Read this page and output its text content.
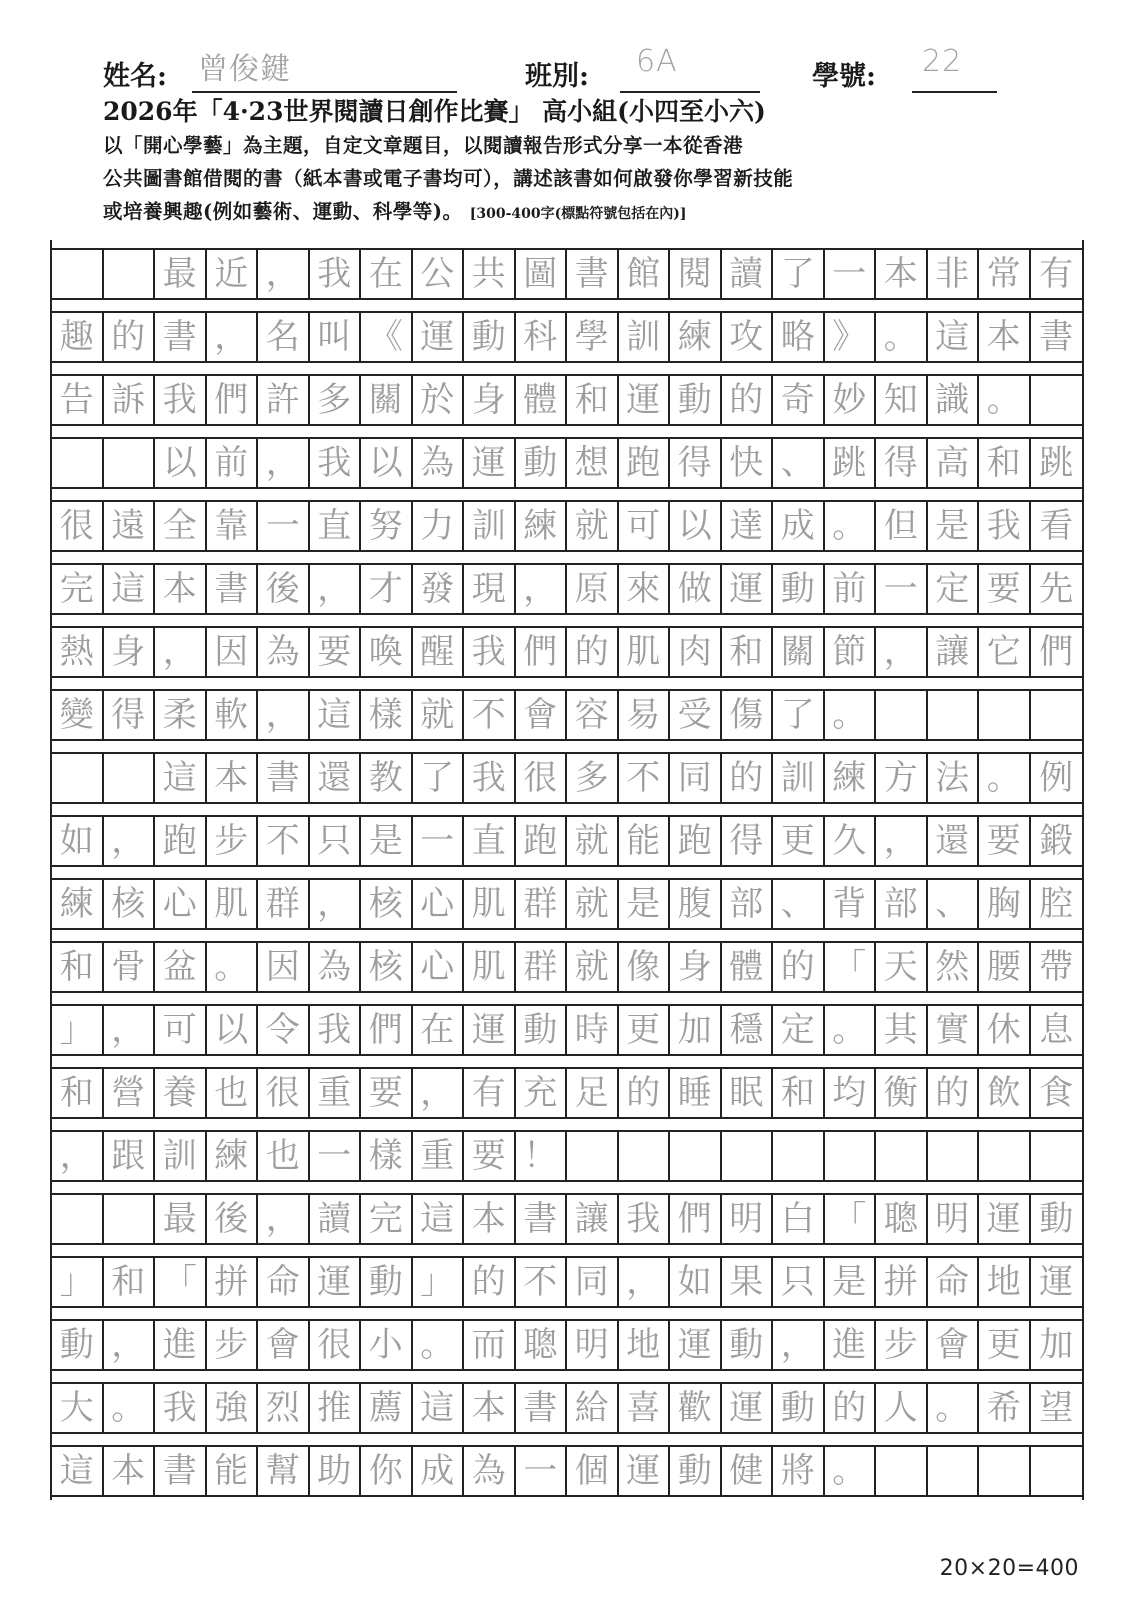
姓名: 曾俊鍵	班別: 6A	學號: 22
2026年「4·23世界閱讀日創作比賽」 高小組(小四至小六)
以「開心學藝」為主題，自定文章題目，以閱讀報告形式分享一本從香港
公共圖書館借閱的書（紙本書或電子書均可），講述該書如何啟發你學習新技能
或培養興趣(例如藝術、運動、科學等)。 [300-400字(標點符號包括在內)]
最 近 ， 我 在 公 共 圖 書 館 閱 讀 了 一 本 非 常 有
趣 的 書 ， 名 叫 《 運 動 科 學 訓 練 攻 略 》 。 這 本 書
告 訴 我 們 許 多 關 於 身 體 和 運 動 的 奇 妙 知 識 。
以 前 ， 我 以 為 運 動 想 跑 得 快 、 跳 得 高 和 跳
很 遠 全 靠 一 直 努 力 訓 練 就 可 以 達 成 。 但 是 我 看
完 這 本 書 後 ， 才 發 現 ， 原 來 做 運 動 前 一 定 要 先
熱 身 ， 因 為 要 喚 醒 我 們 的 肌 肉 和 關 節 ， 讓 它 們
變 得 柔 軟 ， 這 樣 就 不 會 容 易 受 傷 了 。
這 本 書 還 教 了 我 很 多 不 同 的 訓 練 方 法 。 例
如 ， 跑 步 不 只 是 一 直 跑 就 能 跑 得 更 久 ， 還 要 鍛
練 核 心 肌 群 ， 核 心 肌 群 就 是 腹 部 、 背 部 、 胸 腔
和 骨 盆 。 因 為 核 心 肌 群 就 像 身 體 的 「 天 然 腰 帶
」 ， 可 以 令 我 們 在 運 動 時 更 加 穩 定 。 其 實 休 息
和 營 養 也 很 重 要 ， 有 充 足 的 睡 眠 和 均 衡 的 飲 食
， 跟 訓 練 也 一 樣 重 要 ！
最 後 ， 讀 完 這 本 書 讓 我 們 明 白 「 聰 明 運 動
」 和 「 拼 命 運 動 」 的 不 同 ， 如 果 只 是 拼 命 地 運
動 ， 進 步 會 很 小 。 而 聰 明 地 運 動 ， 進 步 會 更 加
大 。 我 強 烈 推 薦 這 本 書 給 喜 歡 運 動 的 人 。 希 望
這 本 書 能 幫 助 你 成 為 一 個 運 動 健 將 。
20×20=400
